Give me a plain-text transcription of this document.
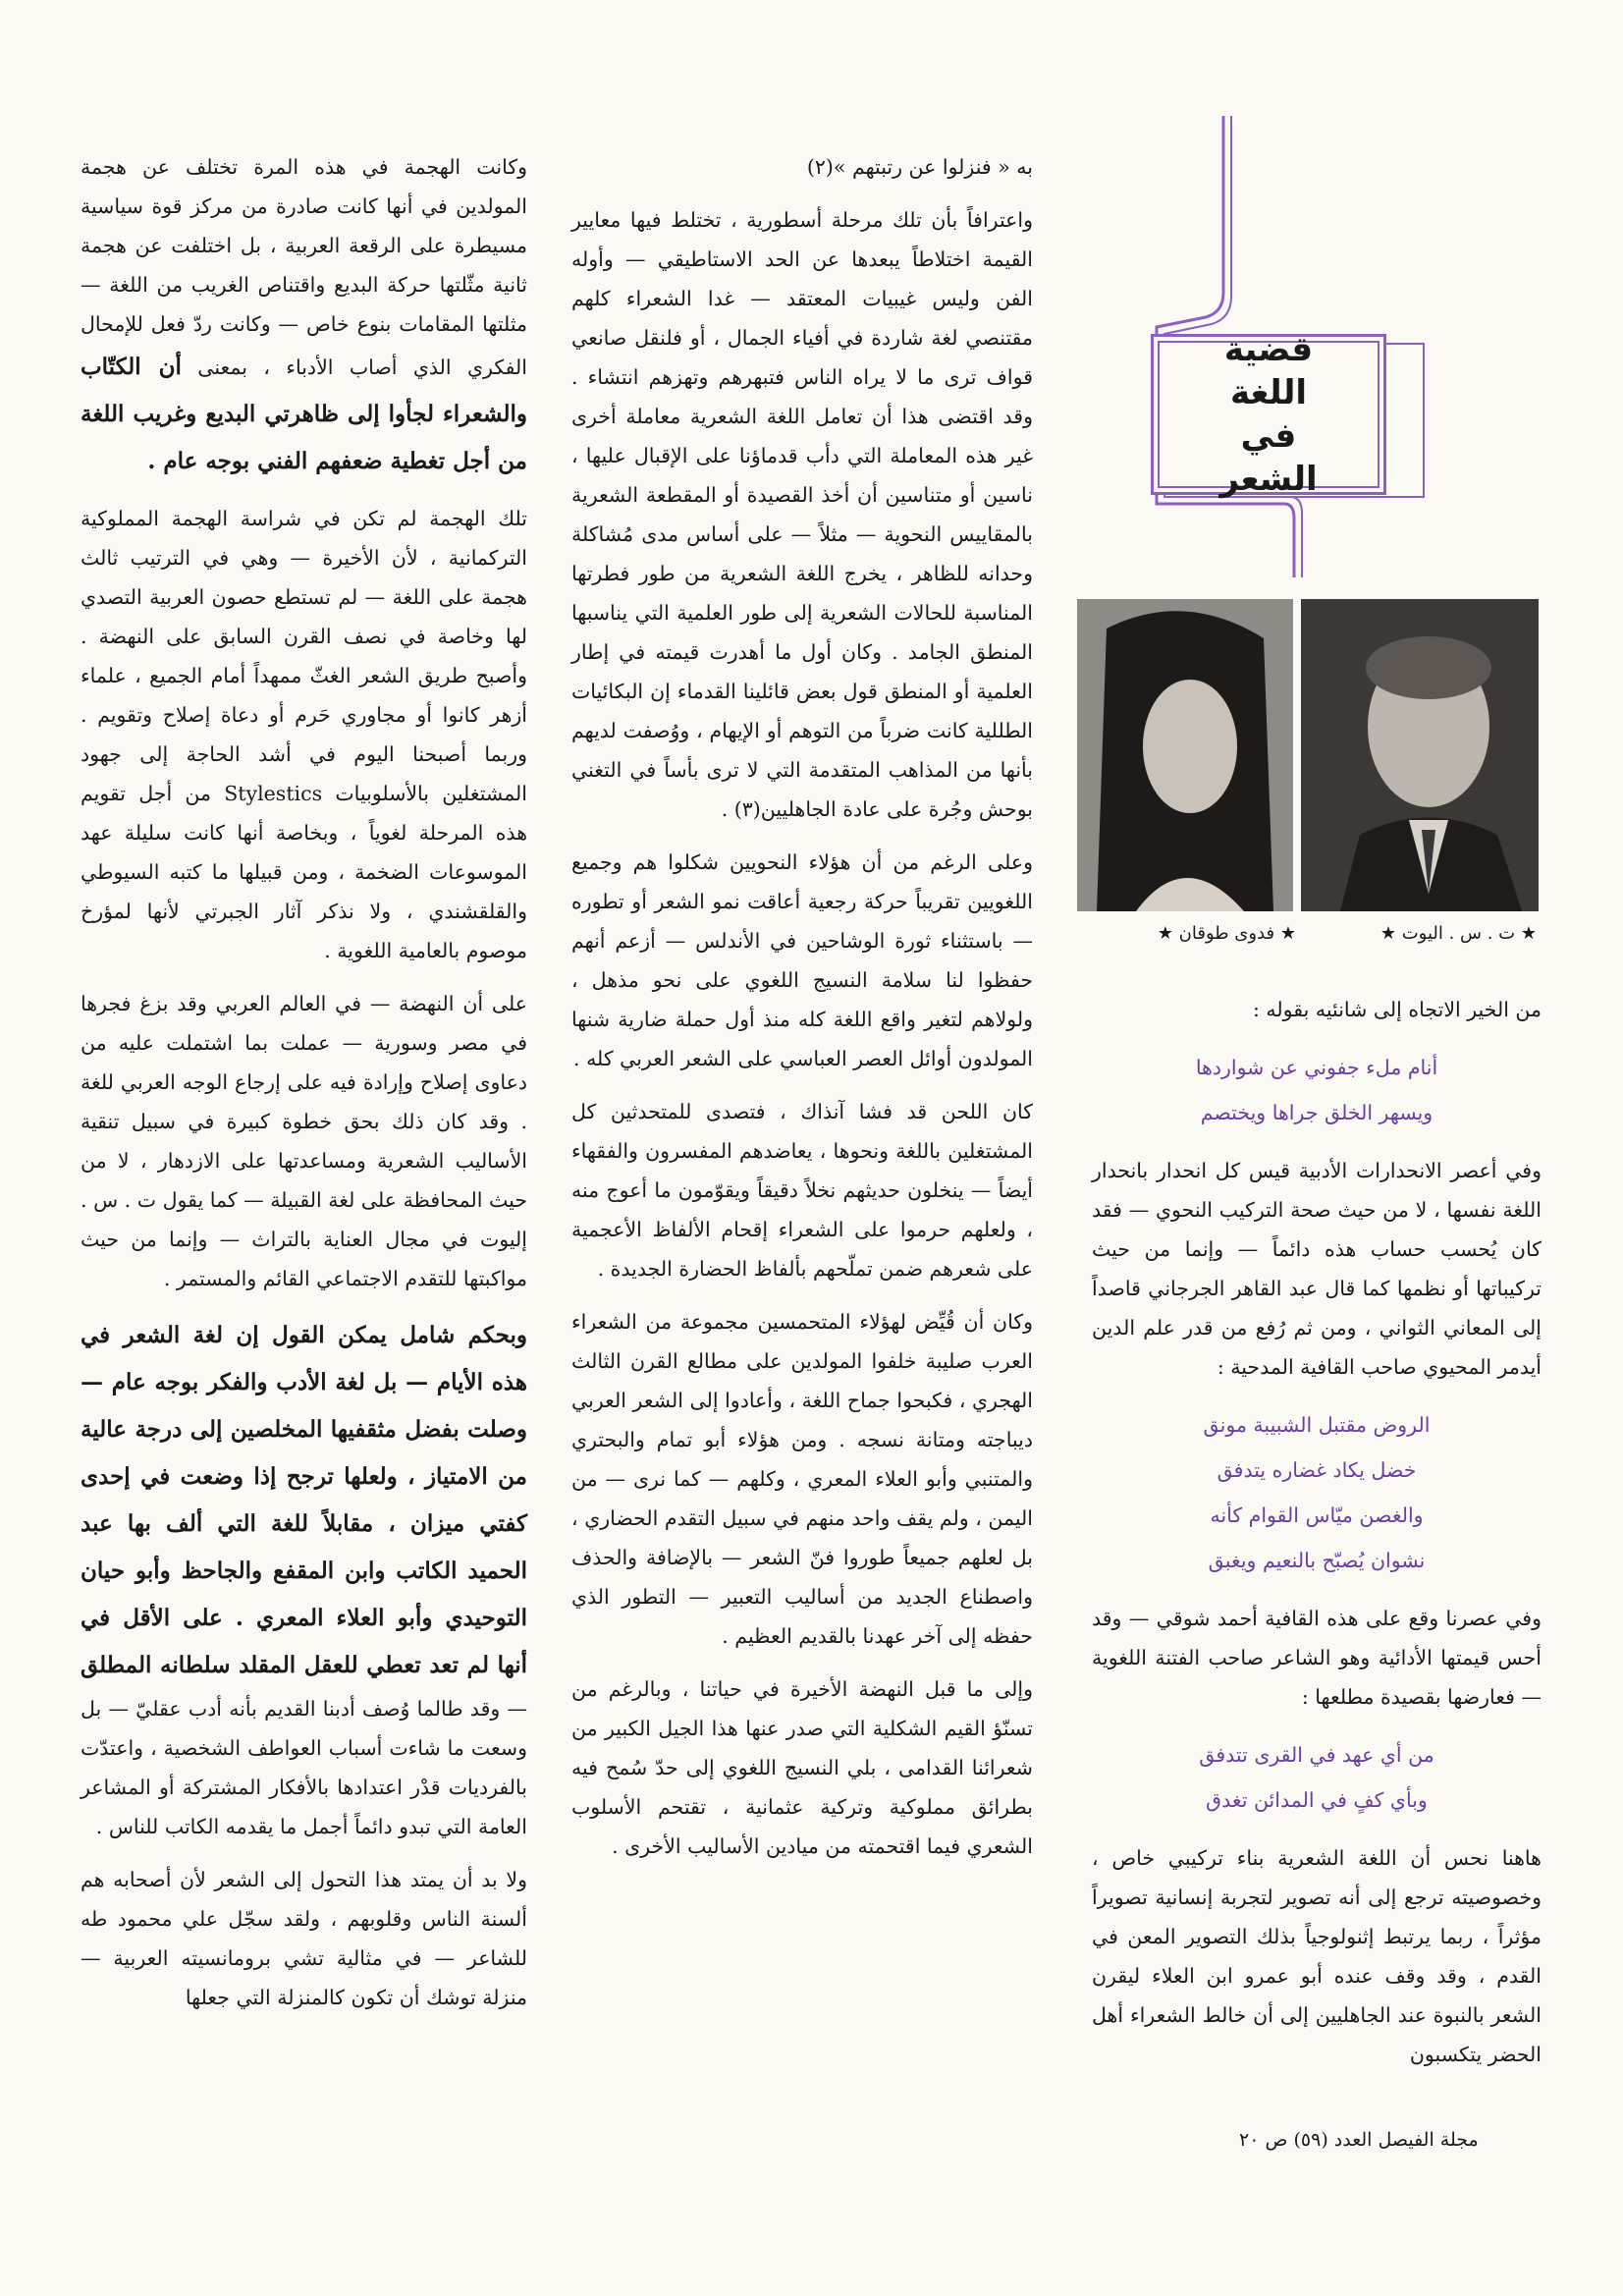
قضية
اللغة
في
الشعر
★ ت . س . اليوت ★
★ فدوى طوقان ★

من الخير الاتجاه إلى شانئيه بقوله :

أنام ملء جفوني عن شواردها
ويسهر الخلق جراها ويختصم

وفي أعصر الانحدارات الأدبية قيس كل انحدار بانحدار اللغة نفسها ، لا من حيث صحة التركيب النحوي — فقد كان يُحسب حساب هذه دائماً — وإنما من حيث تركيباتها أو نظمها كما قال عبد القاهر الجرجاني قاصداً إلى المعاني الثواني ، ومن ثم رُفع من قدر علم الدين أيدمر المحيوي صاحب القافية المدحية :

الروض مقتبل الشبيبة مونق
خضل يكاد غضاره يتدفق
والغصن ميّاس القوام كأنه
نشوان يُصبّح بالنعيم ويغبق

وفي عصرنا وقع على هذه القافية أحمد شوقي — وقد أحس قيمتها الأدائية وهو الشاعر صاحب الفتنة اللغوية — فعارضها بقصيدة مطلعها :

من أي عهد في القرى تتدفق
وبأي كفٍ في المدائن تغدق

هاهنا نحس أن اللغة الشعرية بناء تركيبي خاص ، وخصوصيته ترجع إلى أنه تصوير لتجربة إنسانية تصويراً مؤثراً ، ربما يرتبط إثنولوجياً بذلك التصوير المعن في القدم ، وقد وقف عنده أبو عمرو ابن العلاء ليقرن الشعر بالنبوة عند الجاهليين إلى أن خالط الشعراء أهل الحضر يتكسبون

به « فنزلوا عن رتبتهم »(٢)

واعترافاً بأن تلك مرحلة أسطورية ، تختلط فيها معايير القيمة اختلاطاً يبعدها عن الحد الاستاطيقي — وأوله الفن وليس غيبيات المعتقد — غدا الشعراء كلهم مقتنصي لغة شاردة في أفياء الجمال ، أو فلنقل صانعي قواف ترى ما لا يراه الناس فتبهرهم وتهزهم انتشاء . وقد اقتضى هذا أن تعامل اللغة الشعرية معاملة أخرى غير هذه المعاملة التي دأب قدماؤنا على الإقبال عليها ، ناسين أو متناسين أن أخذ القصيدة أو المقطعة الشعرية بالمقاييس النحوية — مثلاً — على أساس مدى مُشاكلة وحدانه للظاهر ، يخرج اللغة الشعرية من طور فطرتها المناسبة للحالات الشعرية إلى طور العلمية التي يناسبها المنطق الجامد . وكان أول ما أهدرت قيمته في إطار العلمية أو المنطق قول بعض قائلينا القدماء إن البكائيات الطللية كانت ضرباً من التوهم أو الإيهام ، ووُصفت لديهم بأنها من المذاهب المتقدمة التي لا ترى بأساً في التغني بوحش وجُرة على عادة الجاهليين(٣) .

وعلى الرغم من أن هؤلاء النحويين شكلوا هم وجميع اللغويين تقريباً حركة رجعية أعاقت نمو الشعر أو تطوره — باستثناء ثورة الوشاحين في الأندلس — أزعم أنهم حفظوا لنا سلامة النسيج اللغوي على نحو مذهل ، ولولاهم لتغير واقع اللغة كله منذ أول حملة ضارية شنها المولدون أوائل العصر العباسي على الشعر العربي كله .

كان اللحن قد فشا آنذاك ، فتصدى للمتحدثين كل المشتغلين باللغة ونحوها ، يعاضدهم المفسرون والفقهاء أيضاً — ينخلون حديثهم نخلاً دقيقاً ويقوّمون ما أعوج منه ، ولعلهم حرموا على الشعراء إقحام الألفاظ الأعجمية على شعرهم ضمن تملّحهم بألفاظ الحضارة الجديدة .

وكان أن قُيِّض لهؤلاء المتحمسين مجموعة من الشعراء العرب صليبة خلفوا المولدين على مطالع القرن الثالث الهجري ، فكبحوا جماح اللغة ، وأعادوا إلى الشعر العربي ديباجته ومتانة نسجه . ومن هؤلاء أبو تمام والبحتري والمتنبي وأبو العلاء المعري ، وكلهم — كما نرى — من اليمن ، ولم يقف واحد منهم في سبيل التقدم الحضاري ، بل لعلهم جميعاً طوروا فنّ الشعر — بالإضافة والحذف واصطناع الجديد من أساليب التعبير — التطور الذي حفظه إلى آخر عهدنا بالقديم العظيم .

وإلى ما قبل النهضة الأخيرة في حياتنا ، وبالرغم من تسنّؤ القيم الشكلية التي صدر عنها هذا الجيل الكبير من شعرائنا القدامى ، بلي النسيج اللغوي إلى حدّ سُمح فيه بطرائق مملوكية وتركية عثمانية ، تقتحم الأسلوب الشعري فيما اقتحمته من ميادين الأساليب الأخرى .

وكانت الهجمة في هذه المرة تختلف عن هجمة المولدين في أنها كانت صادرة من مركز قوة سياسية مسيطرة على الرقعة العربية ، بل اختلفت عن هجمة ثانية مثّلتها حركة البديع واقتناص الغريب من اللغة — مثلتها المقامات بنوع خاص — وكانت ردّ فعل للإمحال الفكري الذي أصاب الأدباء ، بمعنى أن الكتّاب والشعراء لجأوا إلى ظاهرتي البديع وغريب اللغة من أجل تغطية ضعفهم الفني بوجه عام .

تلك الهجمة لم تكن في شراسة الهجمة المملوكية التركمانية ، لأن الأخيرة — وهي في الترتيب ثالث هجمة على اللغة — لم تستطع حصون العربية التصدي لها وخاصة في نصف القرن السابق على النهضة . وأصبح طريق الشعر الغثّ ممهداً أمام الجميع ، علماء أزهر كانوا أو مجاوري حَرم أو دعاة إصلاح وتقويم . وربما أصبحنا اليوم في أشد الحاجة إلى جهود المشتغلين بالأسلوبيات Stylestics من أجل تقويم هذه المرحلة لغوياً ، وبخاصة أنها كانت سليلة عهد الموسوعات الضخمة ، ومن قبيلها ما كتبه السيوطي والقلقشندي ، ولا نذكر آثار الجبرتي لأنها لمؤرخ موصوم بالعامية اللغوية .

على أن النهضة — في العالم العربي وقد بزغ فجرها في مصر وسورية — عملت بما اشتملت عليه من دعاوى إصلاح وإرادة فيه على إرجاع الوجه العربي للغة . وقد كان ذلك بحق خطوة كبيرة في سبيل تنقية الأساليب الشعرية ومساعدتها على الازدهار ، لا من حيث المحافظة على لغة القبيلة — كما يقول ت . س . إليوت في مجال العناية بالتراث — وإنما من حيث مواكبتها للتقدم الاجتماعي القائم والمستمر .

وبحكم شامل يمكن القول إن لغة الشعر في هذه الأيام — بل لغة الأدب والفكر بوجه عام — وصلت بفضل مثقفيها المخلصين إلى درجة عالية من الامتياز ، ولعلها ترجح إذا وضعت في إحدى كفتي ميزان ، مقابلاً للغة التي ألف بها عبد الحميد الكاتب وابن المقفع والجاحظ وأبو حيان التوحيدي وأبو العلاء المعري . على الأقل في أنها لم تعد تعطي للعقل المقلد سلطانه المطلق — وقد طالما وُصف أدبنا القديم بأنه أدب عقليّ — بل وسعت ما شاءت أسباب العواطف الشخصية ، واعتدّت بالفرديات قدْر اعتدادها بالأفكار المشتركة أو المشاعر العامة التي تبدو دائماً أجمل ما يقدمه الكاتب للناس .

ولا بد أن يمتد هذا التحول إلى الشعر لأن أصحابه هم ألسنة الناس وقلوبهم ، ولقد سجّل علي محمود طه للشاعر — في مثالية تشي برومانسيته العربية — منزلة توشك أن تكون كالمنزلة التي جعلها

مجلة الفيصل العدد (٥٩) ص ٢٠
